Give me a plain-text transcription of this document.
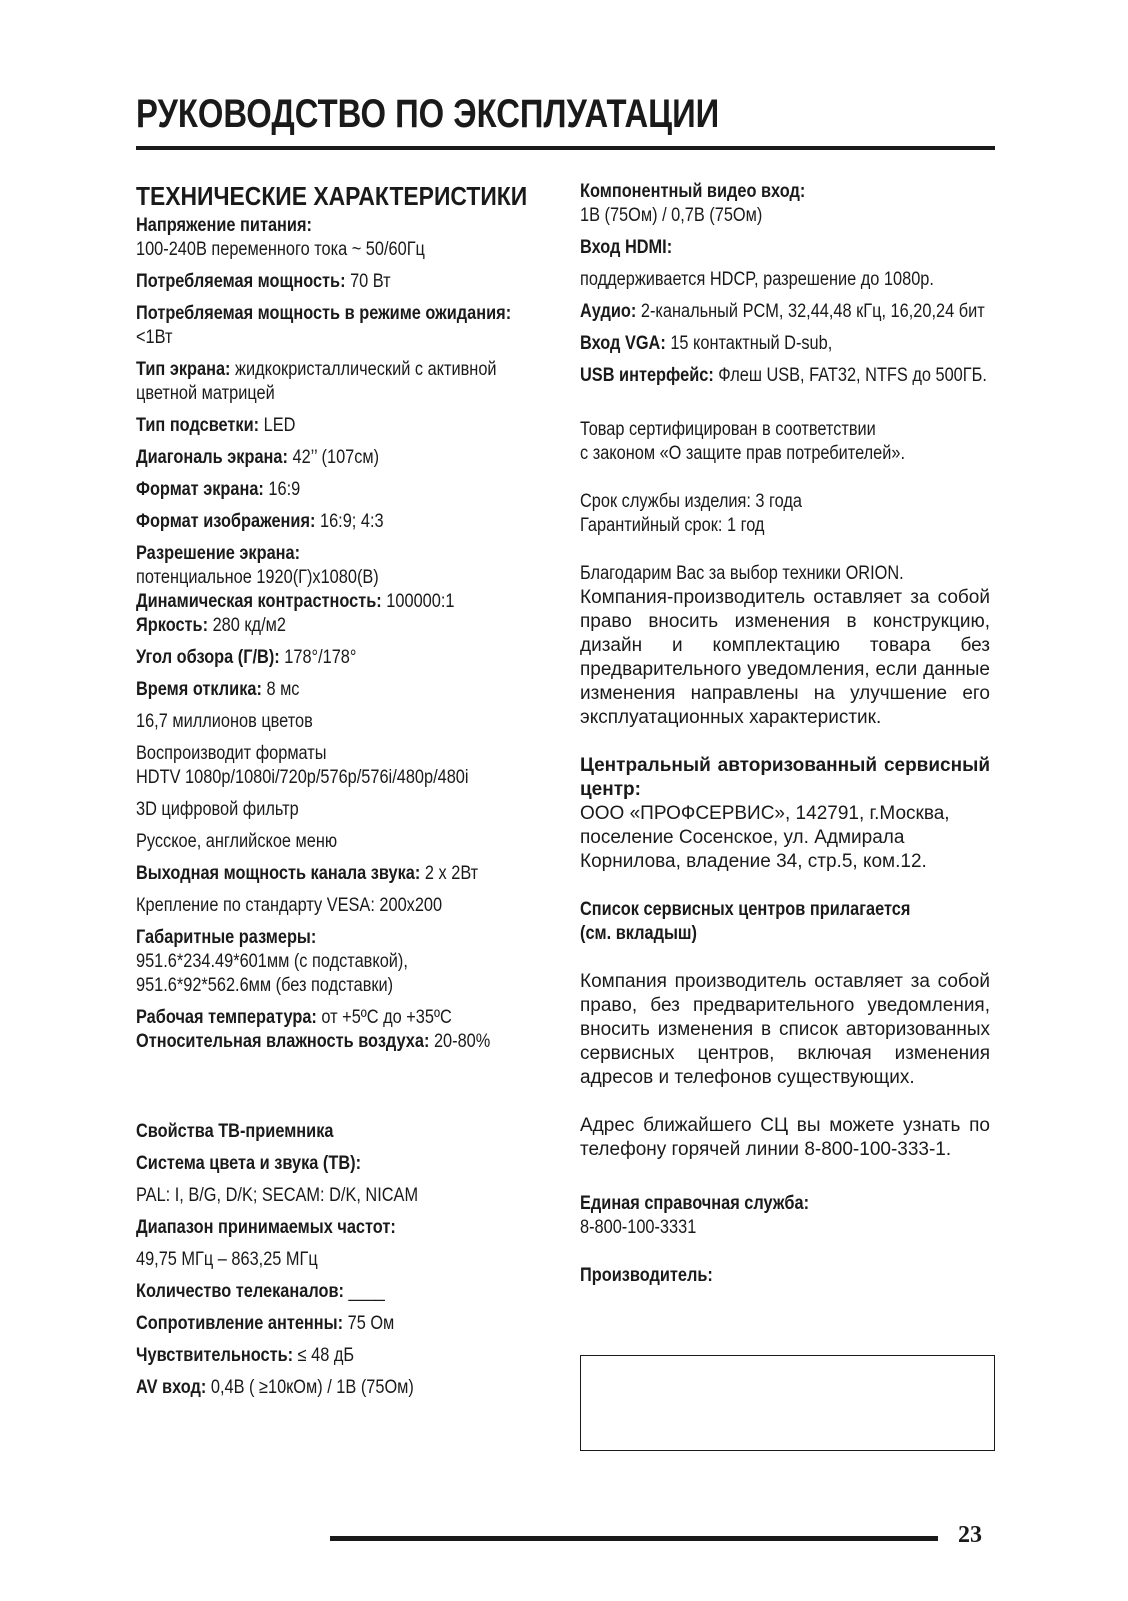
РУКОВОДСТВО ПО ЭКСПЛУАТАЦИИ
ТЕХНИЧЕСКИЕ ХАРАКТЕРИСТИКИ
Напряжение питания:
100-240В переменного тока ~ 50/60Гц
Потребляемая мощность: 70 Вт
Потребляемая мощность в режиме ожидания:
<1Вт
Тип экрана: жидкокристаллический с активной
цветной матрицей
Тип подсветки: LED
Диагональ экрана: 42’’ (107см)
Формат экрана: 16:9
Формат изображения: 16:9; 4:3
Разрешение экрана:
потенциальное 1920(Г)x1080(В)
Динамическая контрастность: 100000:1
Яркость: 280 кд/м2
Угол обзора (Г/В): 178°/178°
Время отклика: 8 мс
16,7 миллионов цветов
Воспроизводит форматы
HDTV 1080p/1080i/720p/576p/576i/480p/480i
3D цифровой фильтр
Русское, английское меню
Выходная мощность канала звука: 2 x 2Вт
Крепление по стандарту VESA: 200x200
Габаритные размеры:
951.6*234.49*601мм (с подставкой),
951.6*92*562.6мм (без подставки)
Рабочая температура: от +5ºС до +35ºС
Относительная влажность воздуха: 20-80%
Свойства ТВ-приемника
Система цвета и звука (ТВ):
PAL: I, B/G, D/K; SECAM: D/K, NICAM
Диапазон принимаемых частот:
49,75 МГц – 863,25 МГц
Количество телеканалов: ____
Сопротивление антенны: 75 Ом
Чувствительность: ≤ 48 дБ
AV вход: 0,4В ( ≥10кОм) / 1В (75Ом)
Компонентный видео вход:
1В (75Ом) / 0,7В (75Ом)
Вход HDMI:
поддерживается HDCP, разрешение до 1080p.
Аудио: 2-канальный PCM, 32,44,48 кГц, 16,20,24 бит
Вход VGA: 15 контактный D-sub,
USB интерфейс: Флеш USB, FAT32, NTFS до 500ГБ.
Товар сертифицирован в соответствии
с законом «О защите прав потребителей».
Срок службы изделия: 3 года
Гарантийный срок: 1 год
Благодарим Вас за выбор техники ORION.
Компания-производитель оставляет за собой право вносить изменения в конструкцию, дизайн и комплектацию товара без предварительного уведомления, если данные изменения направлены на улучшение его эксплуатационных характеристик.
Центральный авторизованный сервисный центр:
ООО «ПРОФСЕРВИС», 142791, г.Москва, поселение Сосенское, ул. Адмирала Корнилова, владение 34, стр.5, ком.12.
Список сервисных центров прилагается
(см. вкладыш)
Компания производитель оставляет за собой право, без предварительного уведомления, вносить изменения в список авторизованных сервисных центров, включая изменения адресов и телефонов существующих.
Адрес ближайшего СЦ вы можете узнать по телефону горячей линии 8-800-100-333-1.
Единая справочная служба:
8-800-100-3331
Производитель:
23
